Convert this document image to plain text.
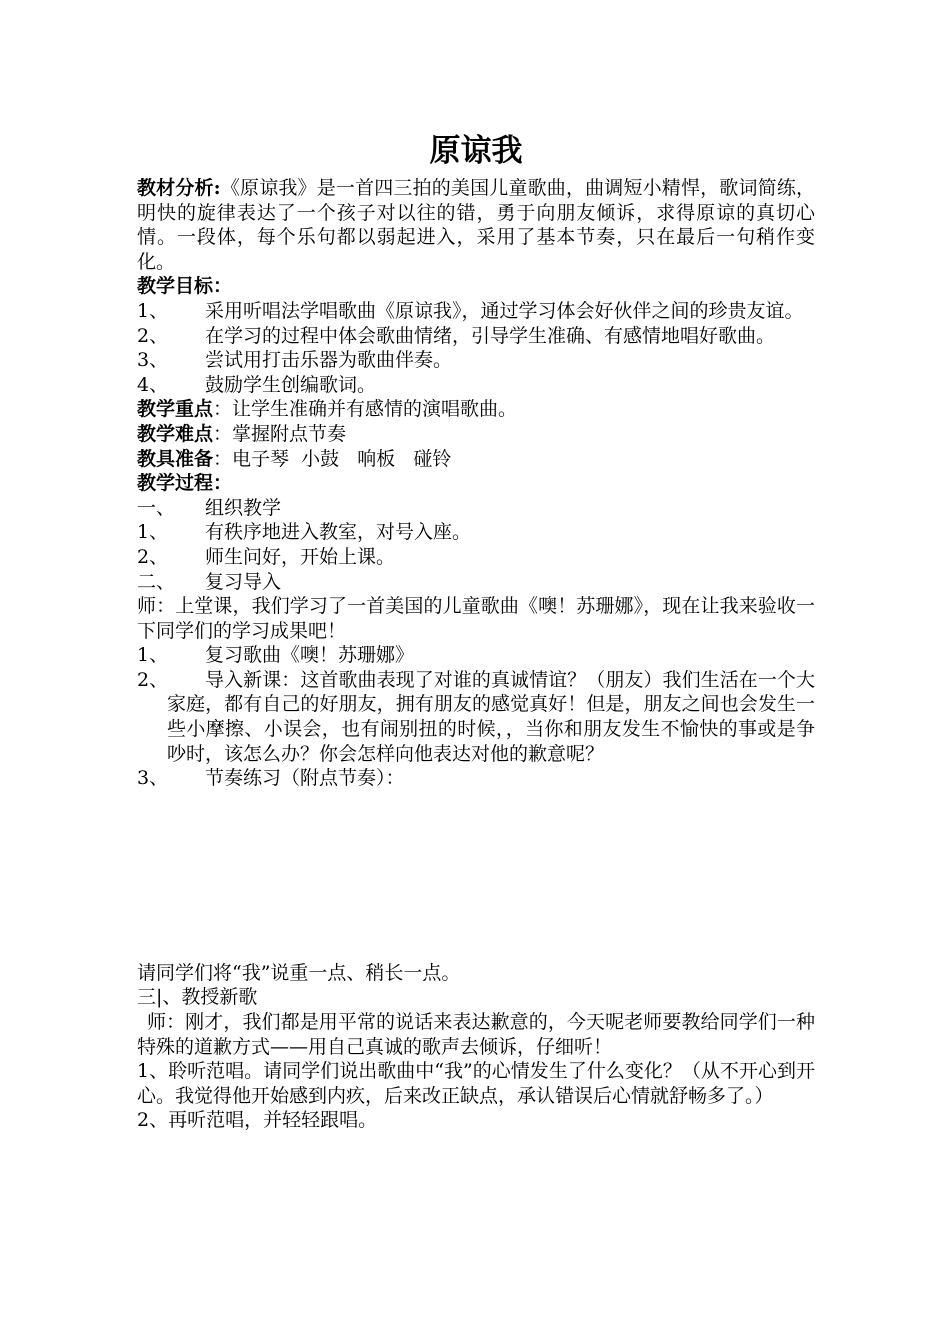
原谅我

教材分析:《原谅我》是一首四三拍的美国儿童歌曲，曲调短小精悍，歌词简练，明快的旋律表达了一个孩子对以往的错，勇于向朋友倾诉，求得原谅的真切心情。一段体，每个乐句都以弱起进入，采用了基本节奏，只在最后一句稍作变化。

教学目标：

1、	采用听唱法学唱歌曲《原谅我》，通过学习体会好伙伴之间的珍贵友谊。
2、	在学习的过程中体会歌曲情绪，引导学生准确、有感情地唱好歌曲。
3、	尝试用打击乐器为歌曲伴奏。
4、	鼓励学生创编歌词。

教学重点：让学生准确并有感情的演唱歌曲。

教学难点：掌握附点节奏

教具准备：电子琴  小鼓   响板   碰铃

教学过程：

一、	组织教学
1、	有秩序地进入教室，对号入座。
2、	师生问好，开始上课。
二、	复习导入

师：上堂课，我们学习了一首美国的儿童歌曲《噢！苏珊娜》，现在让我来验收一下同学们的学习成果吧！

1、	复习歌曲《噢！苏珊娜》
2、	导入新课：这首歌曲表现了对谁的真诚情谊？（朋友）我们生活在一个大家庭，都有自己的好朋友，拥有朋友的感觉真好！但是，朋友之间也会发生一些小摩擦、小误会，也有闹别扭的时候，，当你和朋友发生不愉快的事或是争吵时，该怎么办？你会怎样向他表达对他的歉意呢？
3、	节奏练习（附点节奏）：

请同学们将“我”说重一点、稍长一点。

三|、教授新歌

师：刚才，我们都是用平常的说话来表达歉意的，今天呢老师要教给同学们一种特殊的道歉方式——用自己真诚的歌声去倾诉，仔细听！

1、聆听范唱。请同学们说出歌曲中“我”的心情发生了什么变化？（从不开心到开心。我觉得他开始感到内疚，后来改正缺点，承认错误后心情就舒畅多了。）

2、再听范唱，并轻轻跟唱。
